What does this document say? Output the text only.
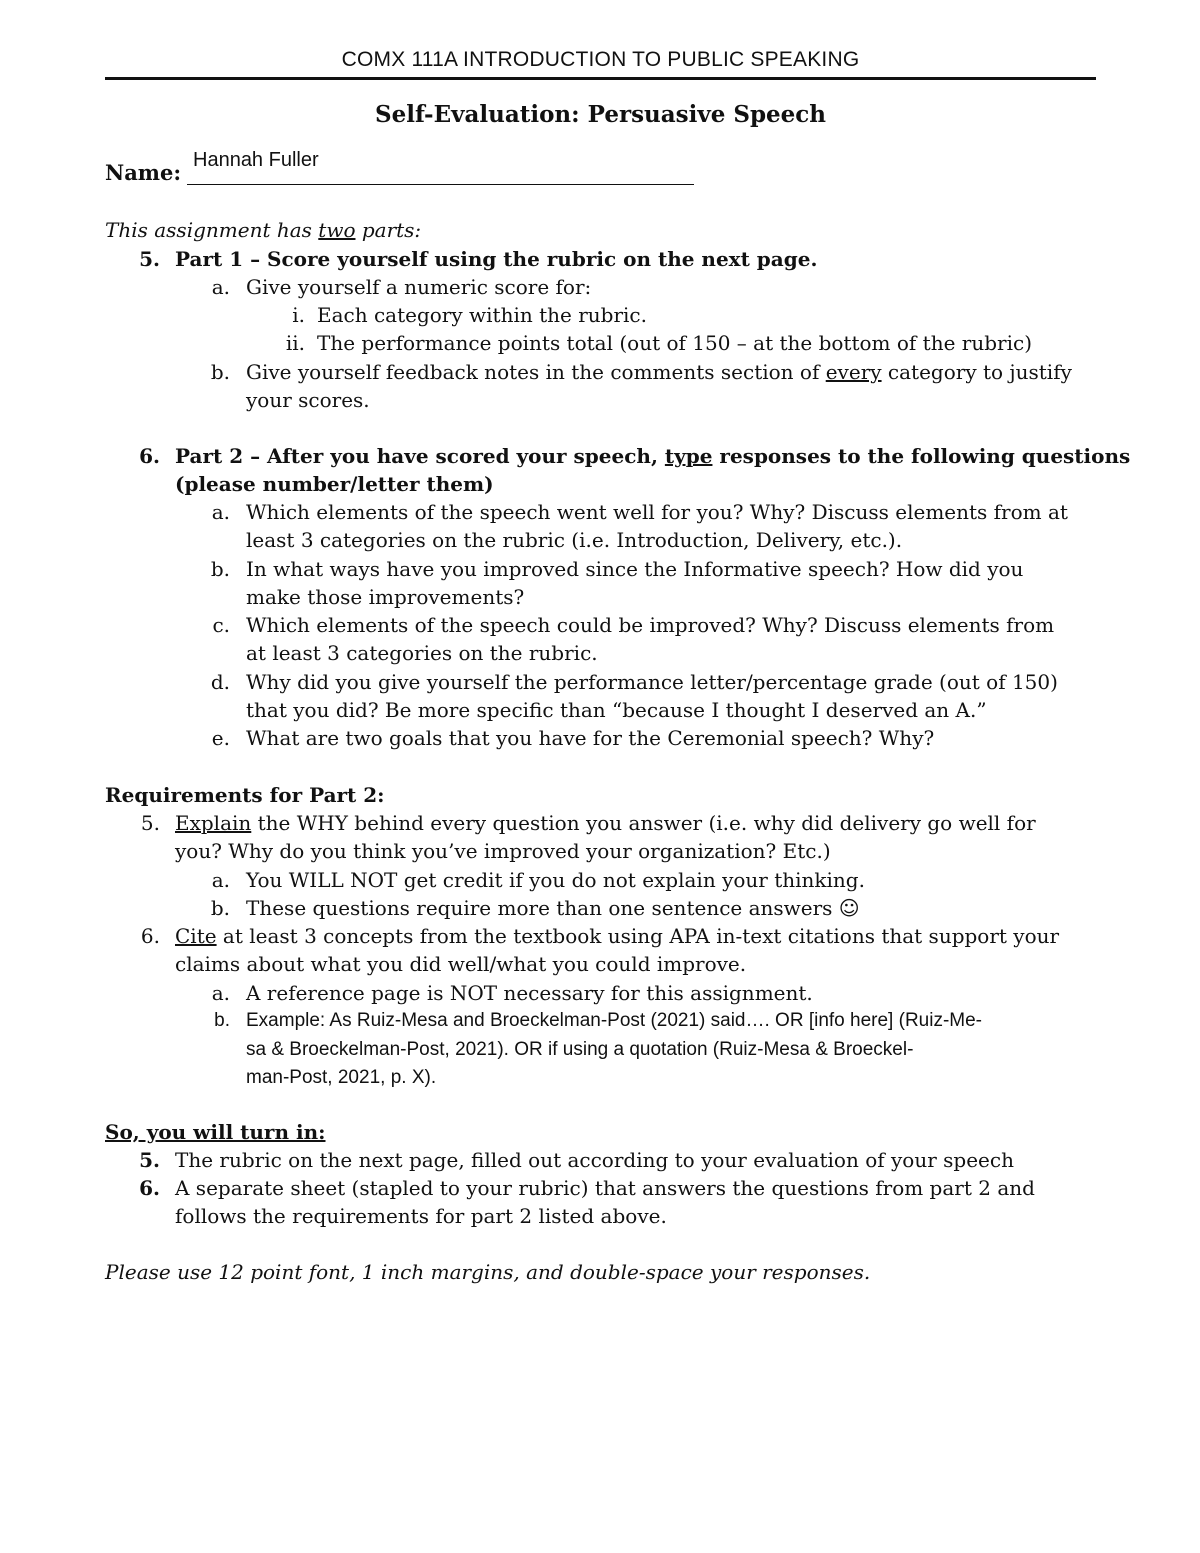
COMX 111A INTRODUCTION TO PUBLIC SPEAKING
Self-Evaluation: Persuasive Speech
Name: Hannah Fuller
This assignment has two parts:
5. Part 1 – Score yourself using the rubric on the next page.
a. Give yourself a numeric score for:
i. Each category within the rubric.
ii. The performance points total (out of 150 – at the bottom of the rubric)
b. Give yourself feedback notes in the comments section of every category to justify
your scores.
6. Part 2 – After you have scored your speech, type responses to the following questions
(please number/letter them)
a. Which elements of the speech went well for you? Why? Discuss elements from at
least 3 categories on the rubric (i.e. Introduction, Delivery, etc.).
b. In what ways have you improved since the Informative speech? How did you
make those improvements?
c. Which elements of the speech could be improved? Why? Discuss elements from
at least 3 categories on the rubric.
d. Why did you give yourself the performance letter/percentage grade (out of 150)
that you did? Be more specific than “because I thought I deserved an A.”
e. What are two goals that you have for the Ceremonial speech? Why?
Requirements for Part 2:
5. Explain the WHY behind every question you answer (i.e. why did delivery go well for
you? Why do you think you’ve improved your organization? Etc.)
a. You WILL NOT get credit if you do not explain your thinking.
b. These questions require more than one sentence answers ☺
6. Cite at least 3 concepts from the textbook using APA in-text citations that support your
claims about what you did well/what you could improve.
a. A reference page is NOT necessary for this assignment.
b. Example: As Ruiz-Mesa and Broeckelman-Post (2021) said…. OR [info here] (Ruiz-Me-
sa & Broeckelman-Post, 2021). OR if using a quotation (Ruiz-Mesa & Broeckel-
man-Post, 2021, p. X).
So, you will turn in:
5. The rubric on the next page, filled out according to your evaluation of your speech
6. A separate sheet (stapled to your rubric) that answers the questions from part 2 and
follows the requirements for part 2 listed above.
Please use 12 point font, 1 inch margins, and double-space your responses.
